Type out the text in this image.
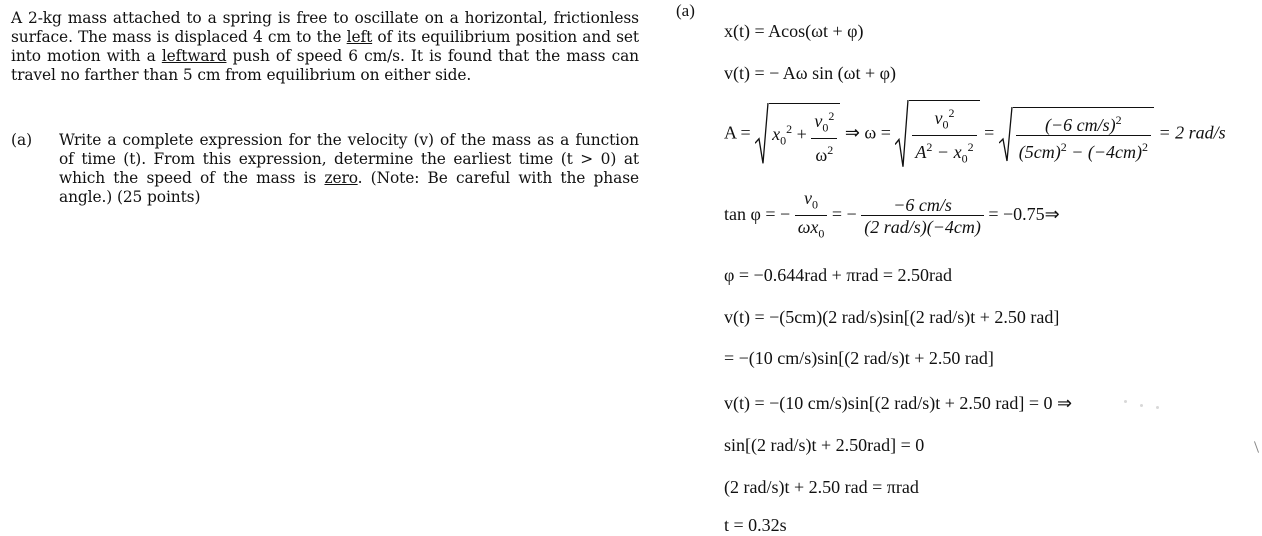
A 2-kg mass attached to a spring is free to oscillate on a horizontal, frictionless surface. The mass is displaced 4 cm to the left of its equilibrium position and set into motion with a leftward push of speed 6 cm/s. It is found that the mass can travel no farther than 5 cm from equilibrium on either side.
(a) Write a complete expression for the velocity (v) of the mass as a function of time (t). From this expression, determine the earliest time (t > 0) at which the speed of the mass is zero. (Note: Be careful with the phase angle.) (25 points)
(a)
x(t) = Acos(ωt + φ)
v(t) = − Aω sin (ωt + φ)
$A = x_0^2 + \frac{v_0^2}{\omega^2}$ ⇒ $\omega = \frac{v_0^2}{A^2 - x_0^2} = \frac{(-6 cm/s)^2}{(5cm)^2 - (-4cm)^2} = 2$ rad/s
tan φ = − $\frac{v_0}{\omega x_0}$ = − $\frac{-6 cm/s}{\text{(2 rad/s)(−4cm)}}$ = −0.75⇒
φ = −0.644rad + πrad = 2.50rad
v(t) = −(5cm)(2 rad/s)sin[(2 rad/s)t + 2.50 rad]
= −(10 cm/s)sin[(2 rad/s)t + 2.50 rad]
v(t) = −(10 cm/s)sin[(2 rad/s)t + 2.50 rad] = 0 ⇒
sin[(2 rad/s)t + 2.50rad] = 0
(2 rad/s)t + 2.50 rad = πrad
t = 0.32s
